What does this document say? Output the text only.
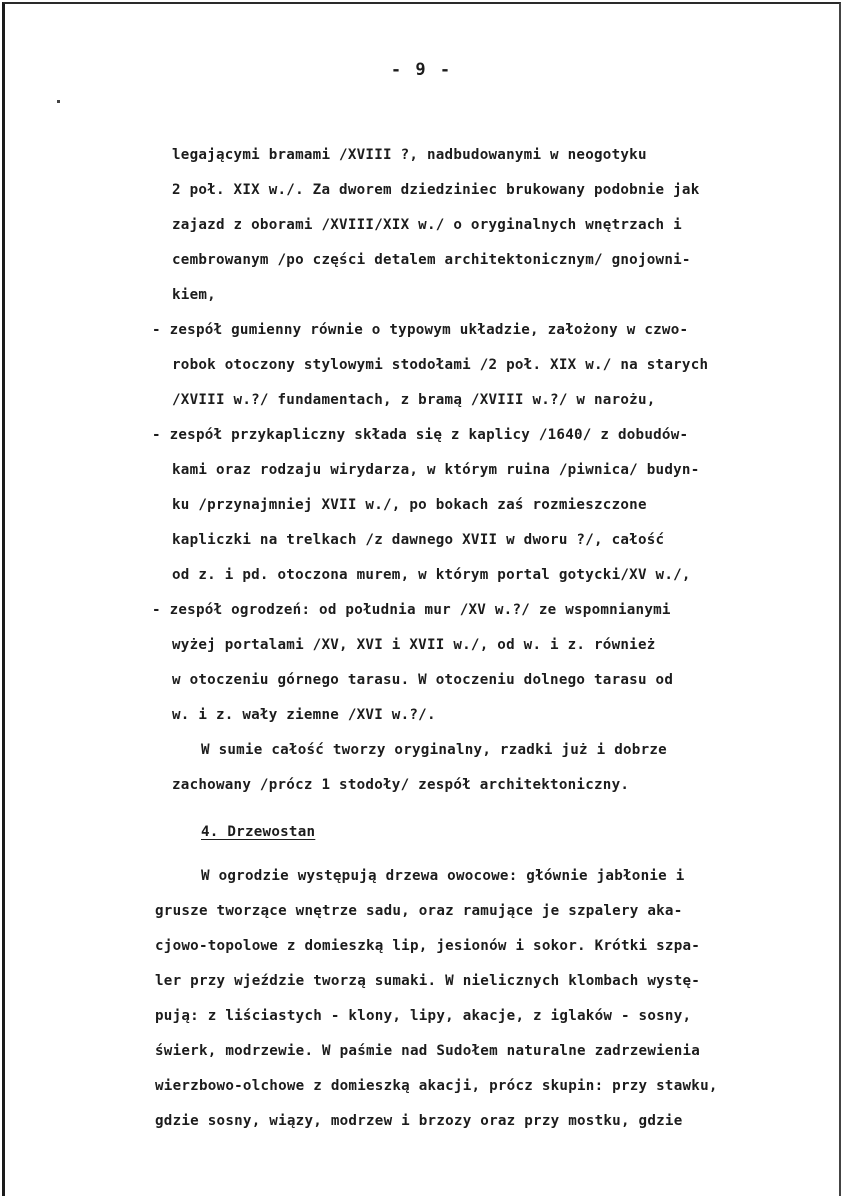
- 9 -
legającymi bramami /XVIII ?, nadbudowanymi w neogotyku
2 poł. XIX w./. Za dworem dziedziniec brukowany podobnie jak
zajazd z oborami /XVIII/XIX w./ o oryginalnych wnętrzach i
cembrowanym /po części detalem architektonicznym/ gnojowni-
kiem,
- zespół gumienny równie o typowym układzie, założony w czwo-
robok otoczony stylowymi stodołami /2 poł. XIX w./ na starych
/XVIII w.?/ fundamentach, z bramą /XVIII w.?/ w narożu,
- zespół przykapliczny składa się z kaplicy /1640/ z dobudów-
kami oraz rodzaju wirydarza, w którym ruina /piwnica/ budyn-
ku /przynajmniej XVII w./, po bokach zaś rozmieszczone
kapliczki na trelkach /z dawnego XVII w dworu ?/, całość
od z. i pd. otoczona murem, w którym portal gotycki/XV w./,
- zespół ogrodzeń: od południa mur /XV w.?/ ze wspomnianymi
wyżej portalami /XV, XVI i XVII w./, od w. i z. również
w otoczeniu górnego tarasu. W otoczeniu dolnego tarasu od
w. i z. wały ziemne /XVI w.?/.
W sumie całość tworzy oryginalny, rzadki już i dobrze
zachowany /prócz 1 stodoły/ zespół architektoniczny.
4. Drzewostan
W ogrodzie występują drzewa owocowe: głównie jabłonie i
grusze tworzące wnętrze sadu, oraz ramujące je szpalery aka-
cjowo-topolowe z domieszką lip, jesionów i sokor. Krótki szpa-
ler przy wjeździe tworzą sumaki. W nielicznych klombach wystę-
pują: z liściastych - klony, lipy, akacje, z iglaków - sosny,
świerk, modrzewie. W paśmie nad Sudołem naturalne zadrzewienia
wierzbowo-olchowe z domieszką akacji, prócz skupin: przy stawku,
gdzie sosny, wiązy, modrzew i brzozy oraz przy mostku, gdzie
